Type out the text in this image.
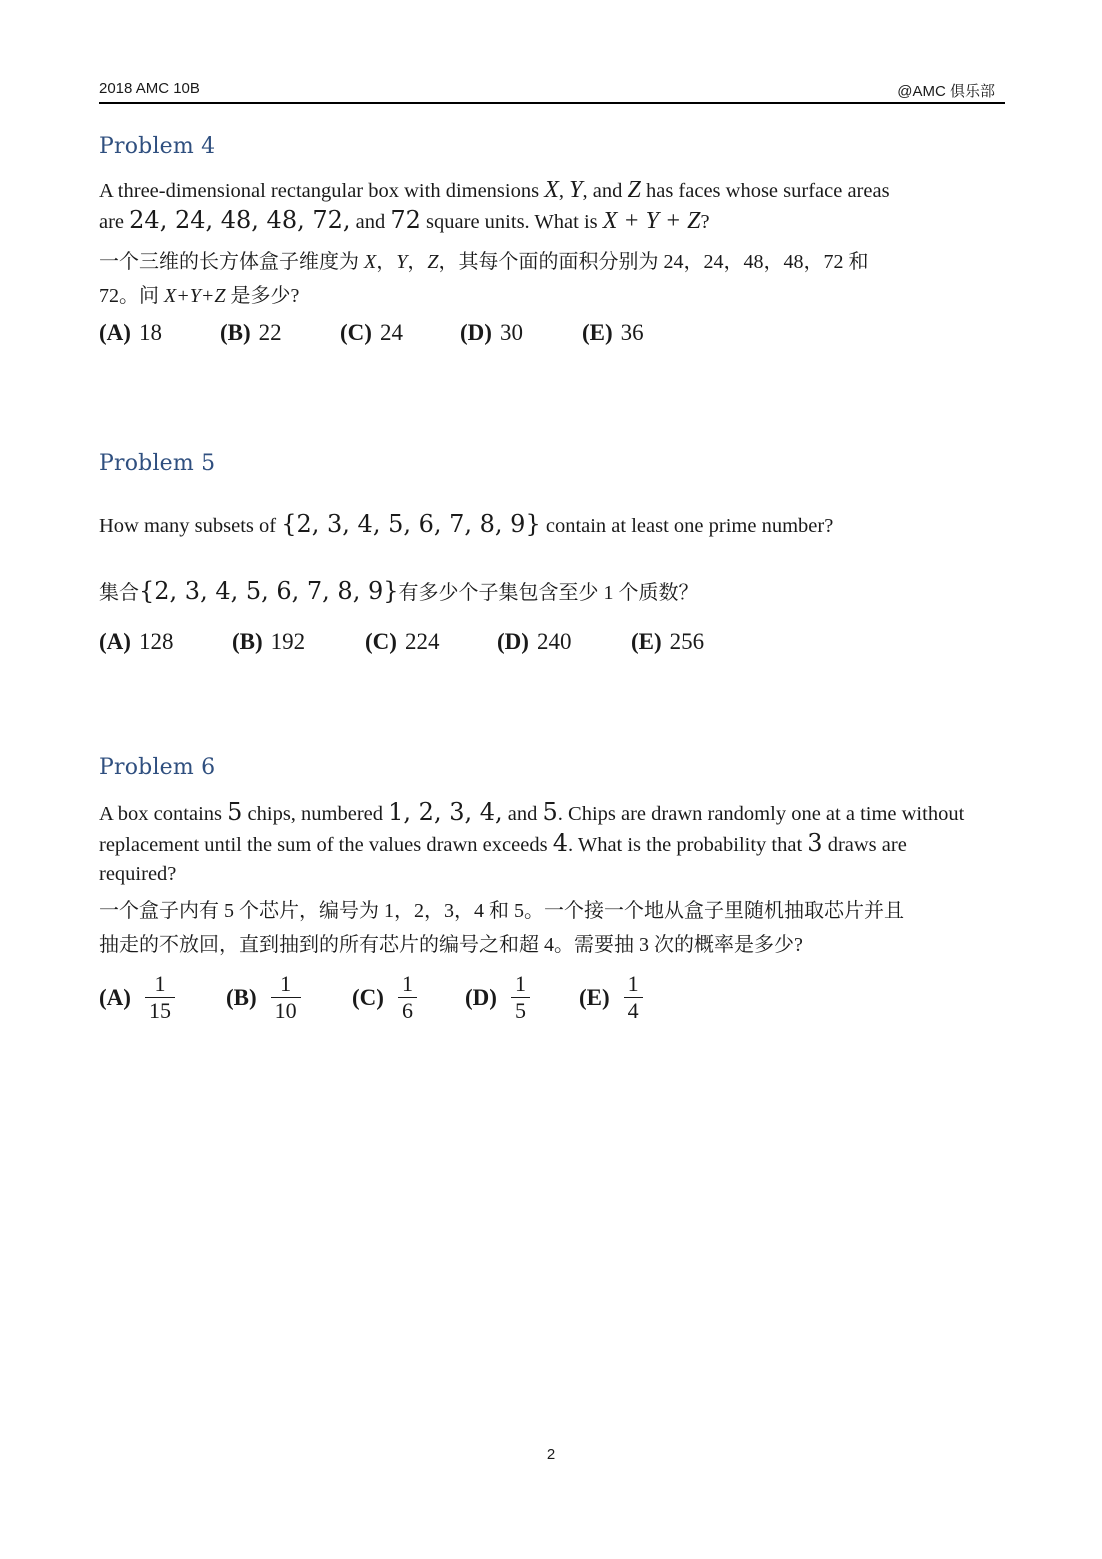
2018 AMC 10B	@AMC 俱乐部
Problem 4
A three-dimensional rectangular box with dimensions X, Y, and Z has faces whose surface areas
are 24, 24, 48, 48, 72, and 72 square units. What is X + Y + Z?
一个三维的长方体盒子维度为 X，Y，Z，其每个面的面积分别为 24，24，48，48，72 和
72。问 X+Y+Z 是多少?
(A) 18	(B) 22	(C) 24 (D) 30	(E) 36
Problem 5
How many subsets of {2, 3, 4, 5, 6, 7, 8, 9} contain at least one prime number?
集合{2, 3, 4, 5, 6, 7, 8, 9}有多少个子集包含至少 1 个质数？
(A) 128	(B) 192	(C) 224	(D) 240	(E) 256
Problem 6
A box contains 5 chips, numbered 1, 2, 3, 4, and 5. Chips are drawn randomly one at a time without
replacement until the sum of the values drawn exceeds 4. What is the probability that 3 draws are
required?
一个盒子内有 5 个芯片，编号为 1，2，3，4 和 5。一个接一个地从盒子里随机抽取芯片并且
抽走的不放回，直到抽到的所有芯片的编号之和超 4。需要抽 3 次的概率是多少?
$(A) \frac{1}{15} (B) \frac{1}{10} (C) \frac{1}{6} (D) \frac{1}{5} (E) \frac{1}{4}$
2
